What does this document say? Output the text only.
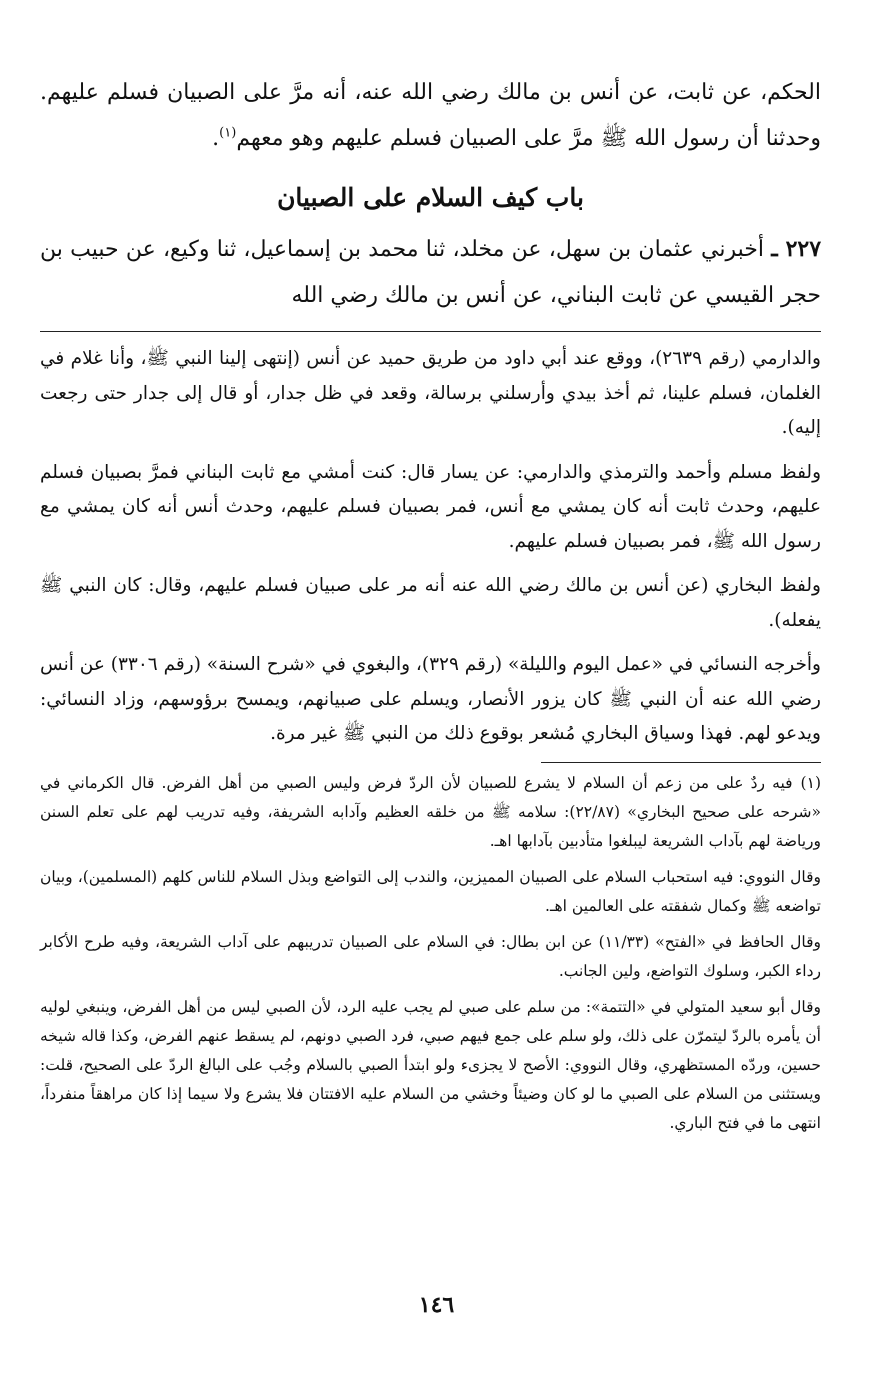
الحكم، عن ثابت، عن أنس بن مالك رضي الله عنه، أنه مرَّ على الصبيان فسلم عليهم. وحدثنا أن رسول الله ﷺ مرَّ على الصبيان فسلم عليهم وهو معهم$^{(١)}$.

باب كيف السلام على الصبيان

٢٢٧ ـ أخبرني عثمان بن سهل، عن مخلد، ثنا محمد بن إسماعيل، ثنا وكيع، عن حبيب بن حجر القيسي عن ثابت البناني، عن أنس بن مالك رضي الله

والدارمي (رقم ٢٦٣٩)، ووقع عند أبي داود من طريق حميد عن أنس (إنتهى إلينا النبي ﷺ، وأنا غلام في الغلمان، فسلم علينا، ثم أخذ بيدي وأرسلني برسالة، وقعد في ظل جدار، أو قال إلى جدار حتى رجعت إليه).

ولفظ مسلم وأحمد والترمذي والدارمي: عن يسار قال: كنت أمشي مع ثابت البناني فمرَّ بصبيان فسلم عليهم، وحدث ثابت أنه كان يمشي مع أنس، فمر بصبيان فسلم عليهم، وحدث أنس أنه كان يمشي مع رسول الله ﷺ، فمر بصبيان فسلم عليهم.

ولفظ البخاري (عن أنس بن مالك رضي الله عنه أنه مر على صبيان فسلم عليهم، وقال: كان النبي ﷺ يفعله).

وأخرجه النسائي في «عمل اليوم والليلة» (رقم ٣٢٩)، والبغوي في «شرح السنة» (رقم ٣٣٠٦) عن أنس رضي الله عنه أن النبي ﷺ كان يزور الأنصار، ويسلم على صبيانهم، ويمسح برؤوسهم، وزاد النسائي: ويدعو لهم. فهذا وسياق البخاري مُشعر بوقوع ذلك من النبي ﷺ غير مرة.

(١)فيه ردٌ على من زعم أن السلام لا يشرع للصبيان لأن الردّ فرض وليس الصبي من أهل الفرض. قال الكرماني في «شرحه على صحيح البخاري» (٢٢/٨٧): سلامه ﷺ من خلقه العظيم وآدابه الشريفة، وفيه تدريب لهم على تعلم السنن ورياضة لهم بآداب الشريعة ليبلغوا متأدبين بآدابها اهـ.

وقال النووي: فيه استحباب السلام على الصبيان المميزين، والندب إلى التواضع وبذل السلام للناس كلهم (المسلمين)، وبيان تواضعه ﷺ وكمال شفقته على العالمين اهـ.

وقال الحافظ في «الفتح» (١١/٣٣) عن ابن بطال: في السلام على الصبيان تدريبهم على آداب الشريعة، وفيه طرح الأكابر رداء الكبر، وسلوك التواضع، ولين الجانب.

وقال أبو سعيد المتولي في «التتمة»: من سلم على صبي لم يجب عليه الرد، لأن الصبي ليس من أهل الفرض، وينبغي لوليه أن يأمره بالردّ ليتمرّن على ذلك، ولو سلم على جمع فيهم صبي، فرد الصبي دونهم، لم يسقط عنهم الفرض، وكذا قاله شيخه حسين، وردّه المستظهري، وقال النووي: الأصح لا يجزىء ولو ابتدأ الصبي بالسلام وجُب على البالغ الردّ على الصحيح، قلت: ويستثنى من السلام على الصبي ما لو كان وضيئاً وخشي من السلام عليه الافتتان فلا يشرع ولا سيما إذا كان مراهقاً منفرداً، انتهى ما في فتح الباري.

١٤٦
